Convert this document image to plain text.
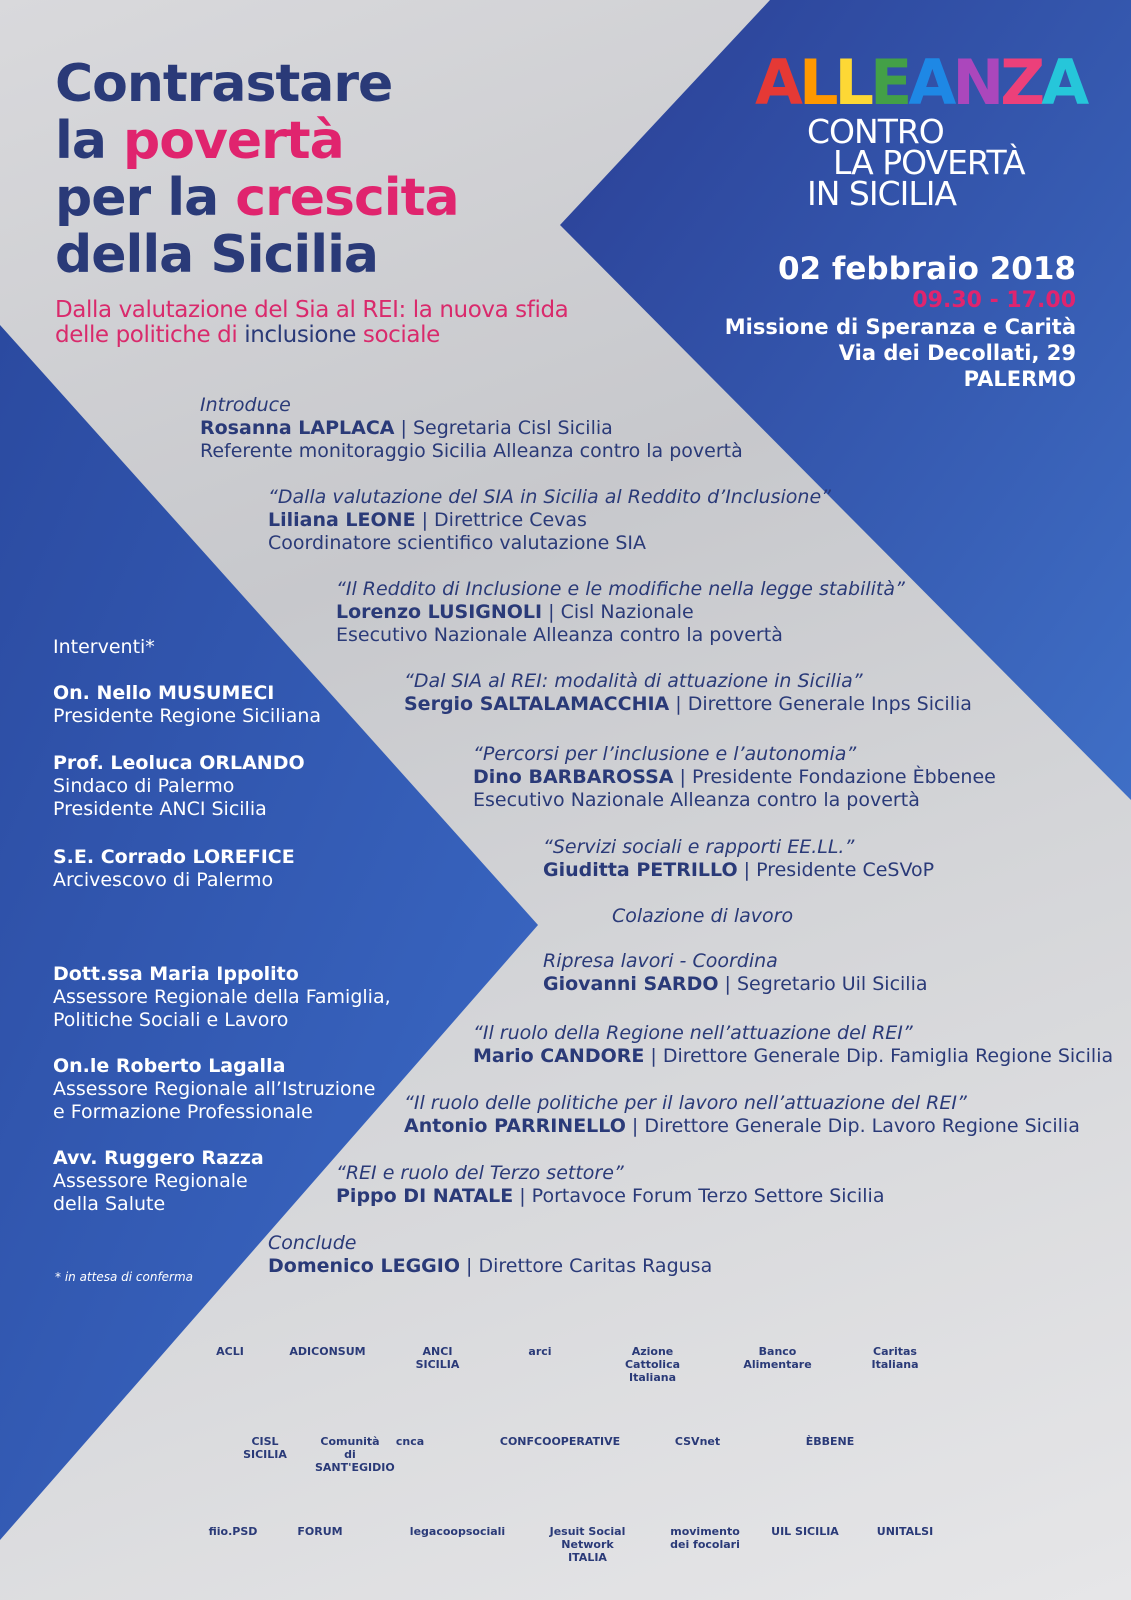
Contrastare
la povertà
per la crescita
della Sicilia
Dalla valutazione del Sia al REI: la nuova sfida
delle politiche di inclusione sociale
ALLEANZA
CONTRO
LA POVERTÀ
IN SICILIA
02 febbraio 2018
09.30 - 17.00
Missione di Speranza e Carità
Via dei Decollati, 29
PALERMO
Introduce
Rosanna LAPLACA | Segretaria Cisl Sicilia
Referente monitoraggio Sicilia Alleanza contro la povertà
“Dalla valutazione del SIA in Sicilia al Reddito d’Inclusione”
Liliana LEONE | Direttrice Cevas
Coordinatore scientifico valutazione SIA
“Il Reddito di Inclusione e le modifiche nella legge stabilità”
Lorenzo LUSIGNOLI | Cisl Nazionale
Esecutivo Nazionale Alleanza contro la povertà
“Dal SIA al REI: modalità di attuazione in Sicilia”
Sergio SALTALAMACCHIA | Direttore Generale Inps Sicilia
“Percorsi per l’inclusione e l’autonomia”
Dino BARBAROSSA | Presidente Fondazione Èbbenee
Esecutivo Nazionale Alleanza contro la povertà
“Servizi sociali e rapporti EE.LL.”
Giuditta PETRILLO | Presidente CeSVoP
Colazione di lavoro
Ripresa lavori - Coordina
Giovanni SARDO | Segretario Uil Sicilia
“Il ruolo della Regione nell’attuazione del REI”
Mario CANDORE | Direttore Generale Dip. Famiglia Regione Sicilia
“Il ruolo delle politiche per il lavoro nell’attuazione del REI”
Antonio PARRINELLO | Direttore Generale Dip. Lavoro Regione Sicilia
“REI e ruolo del Terzo settore”
Pippo DI NATALE | Portavoce Forum Terzo Settore Sicilia
Conclude
Domenico LEGGIO | Direttore Caritas Ragusa
Interventi*
On. Nello MUSUMECI
Presidente Regione Siciliana
Prof. Leoluca ORLANDO
Sindaco di Palermo
Presidente ANCI Sicilia
S.E. Corrado LOREFICE
Arcivescovo di Palermo
Dott.ssa Maria Ippolito
Assessore Regionale della Famiglia,
Politiche Sociali e Lavoro
On.le Roberto Lagalla
Assessore Regionale all’Istruzione
e Formazione Professionale
Avv. Ruggero Razza
Assessore Regionale
della Salute
* in attesa di conferma
ACLI	ADICONSUM	ANCI SICILIA
arci	Azione Cattolica Italiana
Banco Alimentare
Caritas Italiana
CISL SICILIA
Comunità di SANT'EGIDIO
cnca	CONFCOOPERATIVE	CSVnet	ÈBBENE
fiio.PSD	FORUM	legacoopsociali	Jesuit Social Network ITALIA
movimento dei focolari
UIL SICILIA	UNITALSI
